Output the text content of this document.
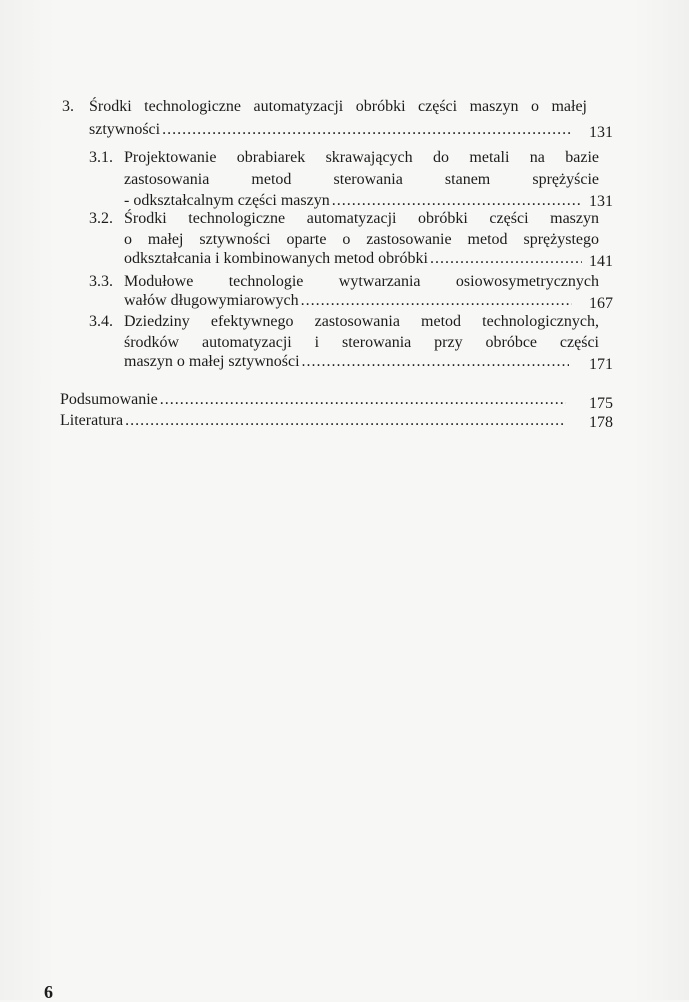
3. Środki technologiczne automatyzacji obróbki części maszyn o małej
sztywności .....	131
3.1. Projektowanie obrabiarek skrawających do metali na bazie
zastosowania metod sterowania stanem sprężyście
- odkształcalnym części maszyn .....	131
3.2. Środki technologiczne automatyzacji obróbki części maszyn
o małej sztywności oparte o zastosowanie metod sprężystego
odkształcania i kombinowanych metod obróbki .....	141
3.3. Modułowe technologie wytwarzania osiowosymetrycznych
wałów długowymiarowych .....	167
3.4. Dziedziny efektywnego zastosowania metod technologicznych,
środków automatyzacji i sterowania przy obróbce części
maszyn o małej sztywności .....	171
Podsumowanie .....	175
Literatura .....	178
6
